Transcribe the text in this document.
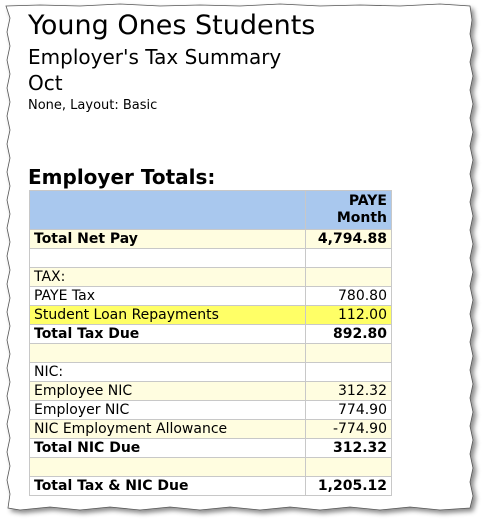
Young Ones Students
Employer's Tax Summary
Oct
None, Layout: Basic
Employer Totals:
	PAYE
Month
Total Net Pay	4,794.88

TAX:	
PAYE Tax	780.80
Student Loan Repayments	112.00
Total Tax Due	892.80

NIC:	
Employee NIC	312.32
Employer NIC	774.90
NIC Employment Allowance	-774.90
Total NIC Due	312.32

Total Tax & NIC Due	1,205.12
